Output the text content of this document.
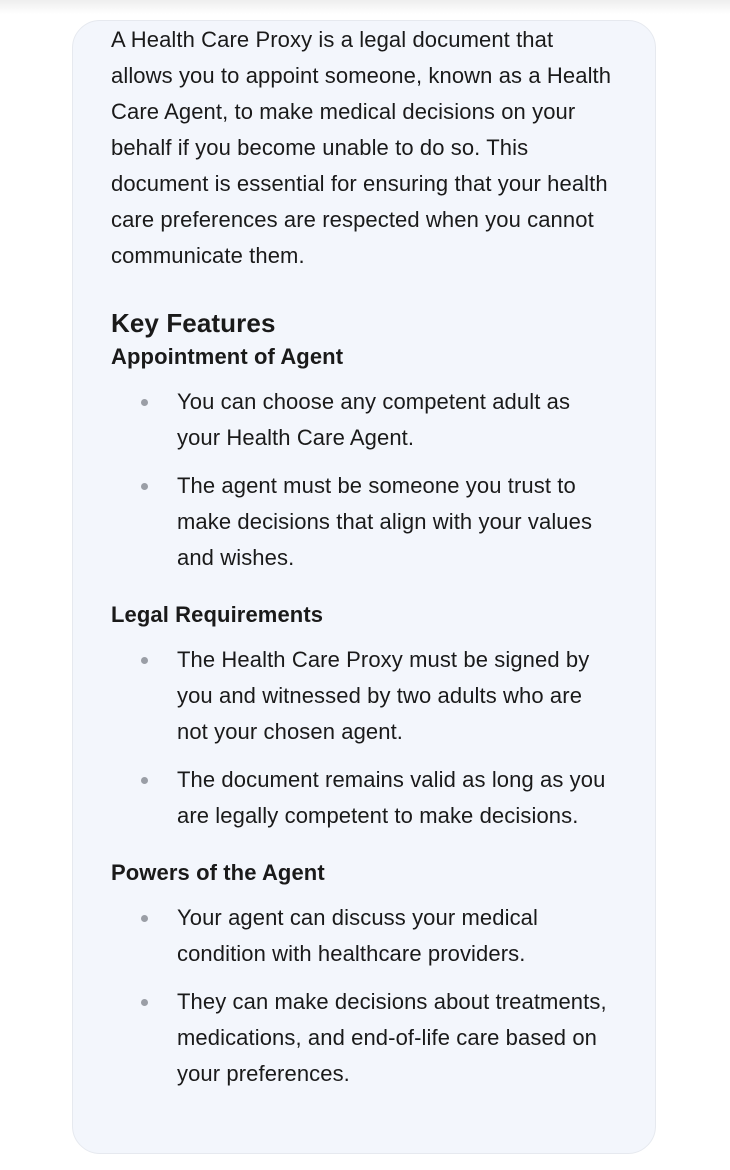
A Health Care Proxy is a legal document that allows you to appoint someone, known as a Health Care Agent, to make medical decisions on your behalf if you become unable to do so. This document is essential for ensuring that your health care preferences are respected when you cannot communicate them.

Key Features
Appointment of Agent
You can choose any competent adult as your Health Care Agent.
The agent must be someone you trust to make decisions that align with your values and wishes.
Legal Requirements
The Health Care Proxy must be signed by you and witnessed by two adults who are not your chosen agent.
The document remains valid as long as you are legally competent to make decisions.
Powers of the Agent
Your agent can discuss your medical condition with healthcare providers.
They can make decisions about treatments, medications, and end-of-life care based on your preferences.
